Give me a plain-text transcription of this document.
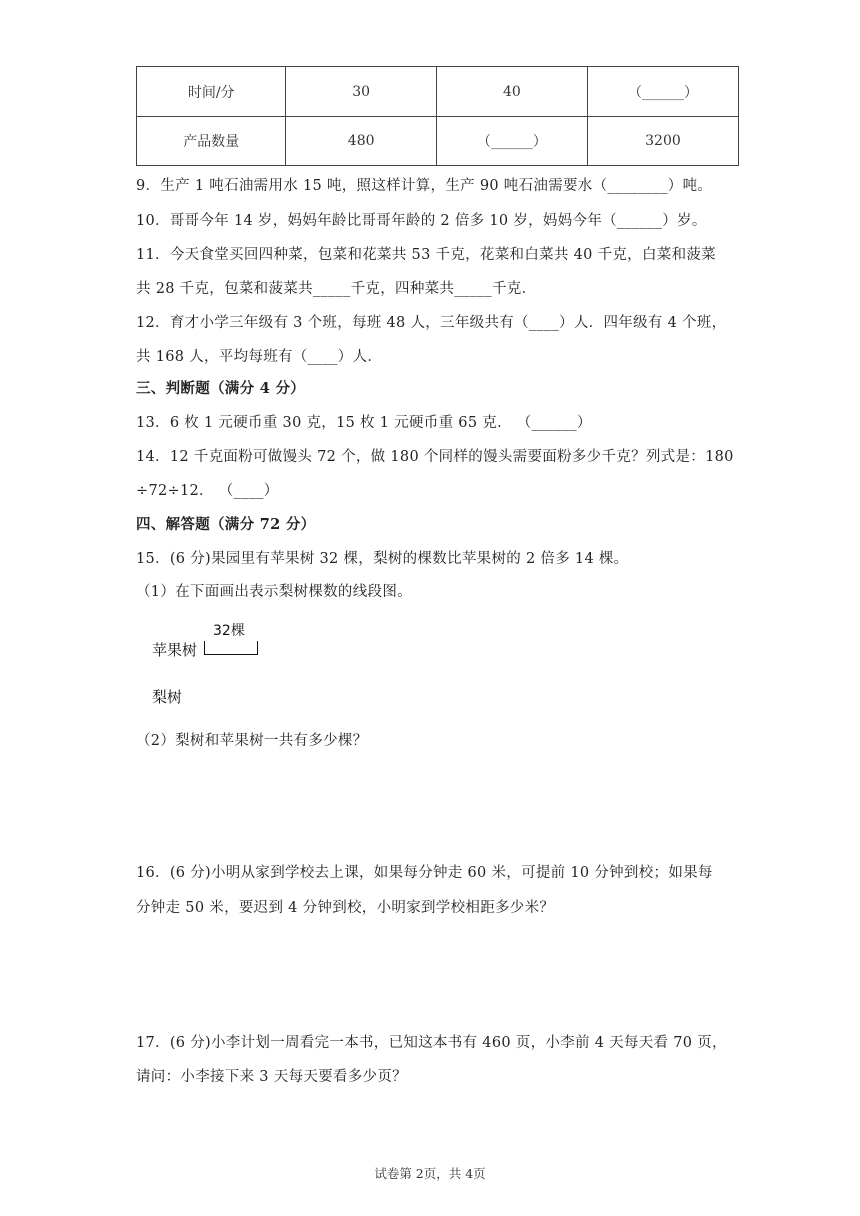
时间/分	30	40	（______）
产品数量	480	（______）	3200
9．生产 1 吨石油需用水 15 吨，照这样计算，生产 90 吨石油需要水（________）吨。
10．哥哥今年 14 岁，妈妈年龄比哥哥年龄的 2 倍多 10 岁，妈妈今年（______）岁。
11．今天食堂买回四种菜，包菜和花菜共 53 千克，花菜和白菜共 40 千克，白菜和菠菜
共 28 千克，包菜和菠菜共_____千克，四种菜共_____千克．
12．育才小学三年级有 3 个班，每班 48 人，三年级共有（____）人．四年级有 4 个班，
共 168 人，平均每班有（____）人．
三、判断题（满分 4 分）
13．6 枚 1 元硬币重 30 克，15 枚 1 元硬币重 65 克． （______）
14．12 千克面粉可做馒头 72 个，做 180 个同样的馒头需要面粉多少千克？列式是：180
÷72÷12． （____）
四、解答题（满分 72 分）
15．(6 分)果园里有苹果树 32 棵，梨树的棵数比苹果树的 2 倍多 14 棵。
（1）在下面画出表示梨树棵数的线段图。
32棵
苹果树
梨树
（2）梨树和苹果树一共有多少棵？
16．(6 分)小明从家到学校去上课，如果每分钟走 60 米，可提前 10 分钟到校；如果每
分钟走 50 米，要迟到 4 分钟到校，小明家到学校相距多少米？
17．(6 分)小李计划一周看完一本书，已知这本书有 460 页，小李前 4 天每天看 70 页，
请问：小李接下来 3 天每天要看多少页？
试卷第 2页，共 4页
